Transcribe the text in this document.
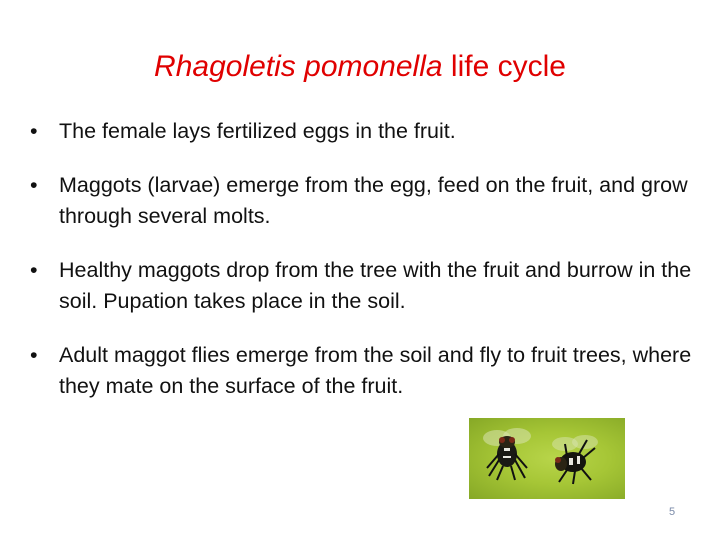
Rhagoletis pomonella life cycle
• The female lays fertilized eggs in the fruit.
• Maggots (larvae) emerge from the egg, feed on the fruit, and grow through several molts.
• Healthy maggots drop from the tree with the fruit and burrow in the soil. Pupation takes place in the soil.
• Adult maggot flies emerge from the soil and fly to fruit trees, where they mate on the surface of the fruit.
5
